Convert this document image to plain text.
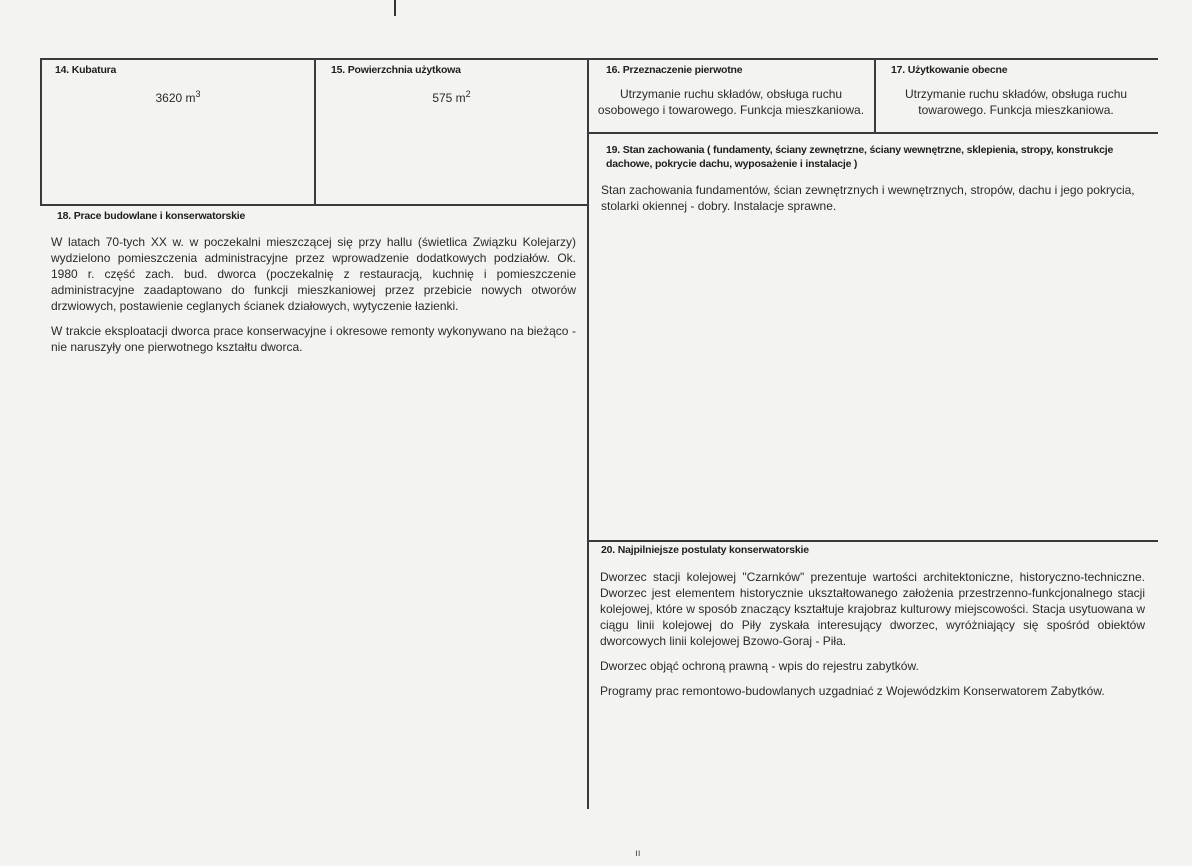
ıı
14. Kubatura
3620 $m^3$
15. Powierzchnia użytkowa
575 $m^2$
16. Przeznaczenie pierwotne
Utrzymanie ruchu składów, obsługa ruchu osobowego i towarowego. Funkcja mieszkaniowa.
17. Użytkowanie obecne
Utrzymanie ruchu składów, obsługa ruchu towarowego. Funkcja mieszkaniowa.
19. Stan zachowania ( fundamenty, ściany zewnętrzne, ściany wewnętrzne, sklepienia, stropy, konstrukcje dachowe, pokrycie dachu, wyposażenie i instalacje )
Stan zachowania fundamentów, ścian zewnętrznych i wewnętrznych, stropów, dachu i jego pokrycia, stolarki okiennej - dobry. Instalacje sprawne.
18. Prace budowlane i konserwatorskie

W latach 70-tych XX w. w poczekalni mieszczącej się przy hallu (świetlica Związku Kolejarzy) wydzielono pomieszczenia administracyjne przez wprowadzenie dodatkowych podziałów. Ok. 1980 r. część zach. bud. dworca (poczekalnię z restauracją, kuchnię i pomieszczenie administracyjne zaadaptowano do funkcji mieszkaniowej przez przebicie nowych otworów drzwiowych, postawienie ceglanych ścianek działowych, wytyczenie łazienki.

W trakcie eksploatacji dworca prace konserwacyjne i okresowe remonty wykonywano na bieżąco - nie naruszyły one pierwotnego kształtu dworca.

20. Najpilniejsze postulaty konserwatorskie

Dworzec stacji kolejowej "Czarnków" prezentuje wartości architektoniczne, historyczno-techniczne. Dworzec jest elementem historycznie ukształtowanego założenia przestrzenno-funkcjonalnego stacji kolejowej, które w sposób znaczący kształtuje krajobraz kulturowy miejscowości. Stacja usytuowana w ciągu linii kolejowej do Piły zyskała interesujący dworzec, wyróżniający się spośród obiektów dworcowych linii kolejowej Bzowo-Goraj - Piła.

Dworzec objąć ochroną prawną - wpis do rejestru zabytków.

Programy prac remontowo-budowlanych uzgadniać z Wojewódzkim Konserwatorem Zabytków.
